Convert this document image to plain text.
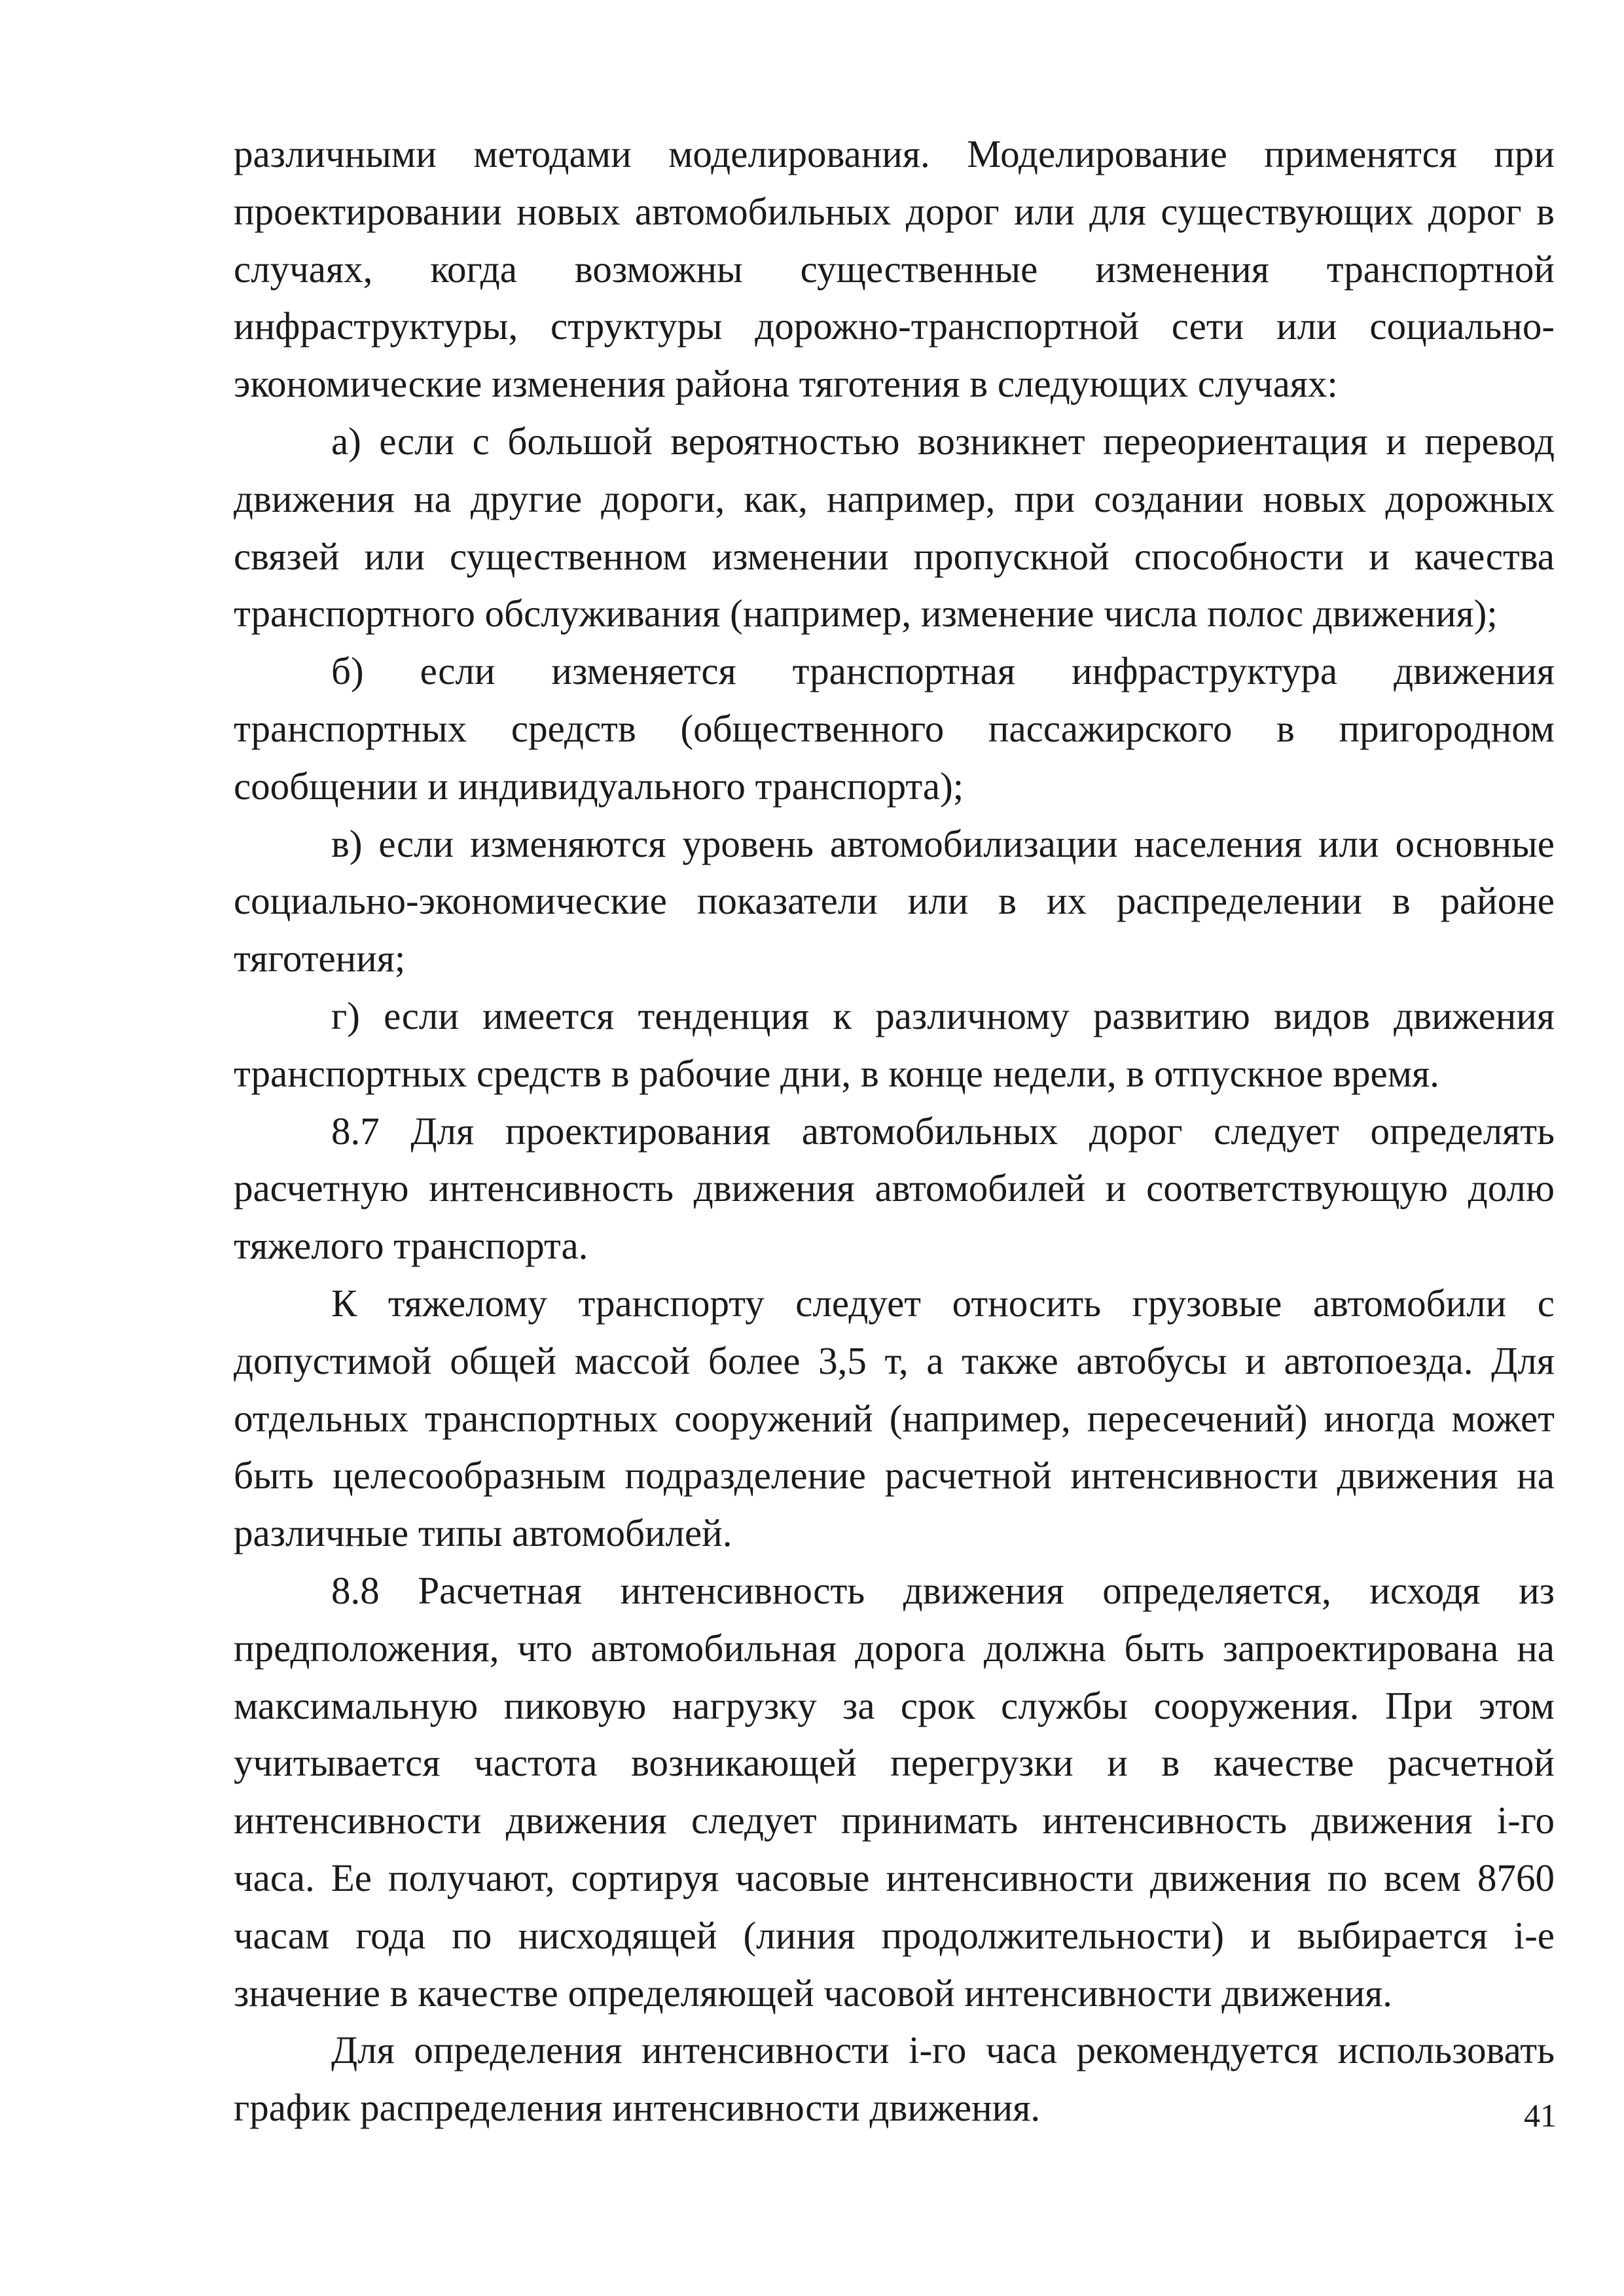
различными методами моделирования. Моделирование применятся при проектировании новых автомобильных дорог или для существующих дорог в случаях, когда возможны существенные изменения транспортной инфраструктуры, структуры дорожно-транспортной сети или социально-экономические изменения района тяготения в следующих случаях:

а) если с большой вероятностью возникнет переориентация и перевод движения на другие дороги, как, например, при создании новых дорожных связей или существенном изменении пропускной способности и качества транспортного обслуживания (например, изменение числа полос движения);

б) если изменяется транспортная инфраструктура движения транспортных средств (общественного пассажирского в пригородном сообщении и индивидуального транспорта);

в) если изменяются уровень автомобилизации населения или основные социально-экономические показатели или в их распределении в районе тяготения;

г) если имеется тенденция к различному развитию видов движения транспортных средств в рабочие дни, в конце недели, в отпускное время.

8.7 Для проектирования автомобильных дорог следует определять расчетную интенсивность движения автомобилей и соответствующую долю тяжелого транспорта.

К тяжелому транспорту следует относить грузовые автомобили с допустимой общей массой более 3,5 т, а также автобусы и автопоезда. Для отдельных транспортных сооружений (например, пересечений) иногда может быть целесообразным подразделение расчетной интенсивности движения на различные типы автомобилей.

8.8 Расчетная интенсивность движения определяется, исходя из предположения, что автомобильная дорога должна быть запроектирована на максимальную пиковую нагрузку за срок службы сооружения. При этом учитывается частота возникающей перегрузки и в качестве расчетной интенсивности движения следует принимать интенсивность движения i-го часа. Ее получают, сортируя часовые интенсивности движения по всем 8760 часам года по нисходящей (линия продолжительности) и выбирается i-е значение в качестве определяющей часовой интенсивности движения.

Для определения интенсивности i-го часа рекомендуется использовать график распределения интенсивности движения.	41
